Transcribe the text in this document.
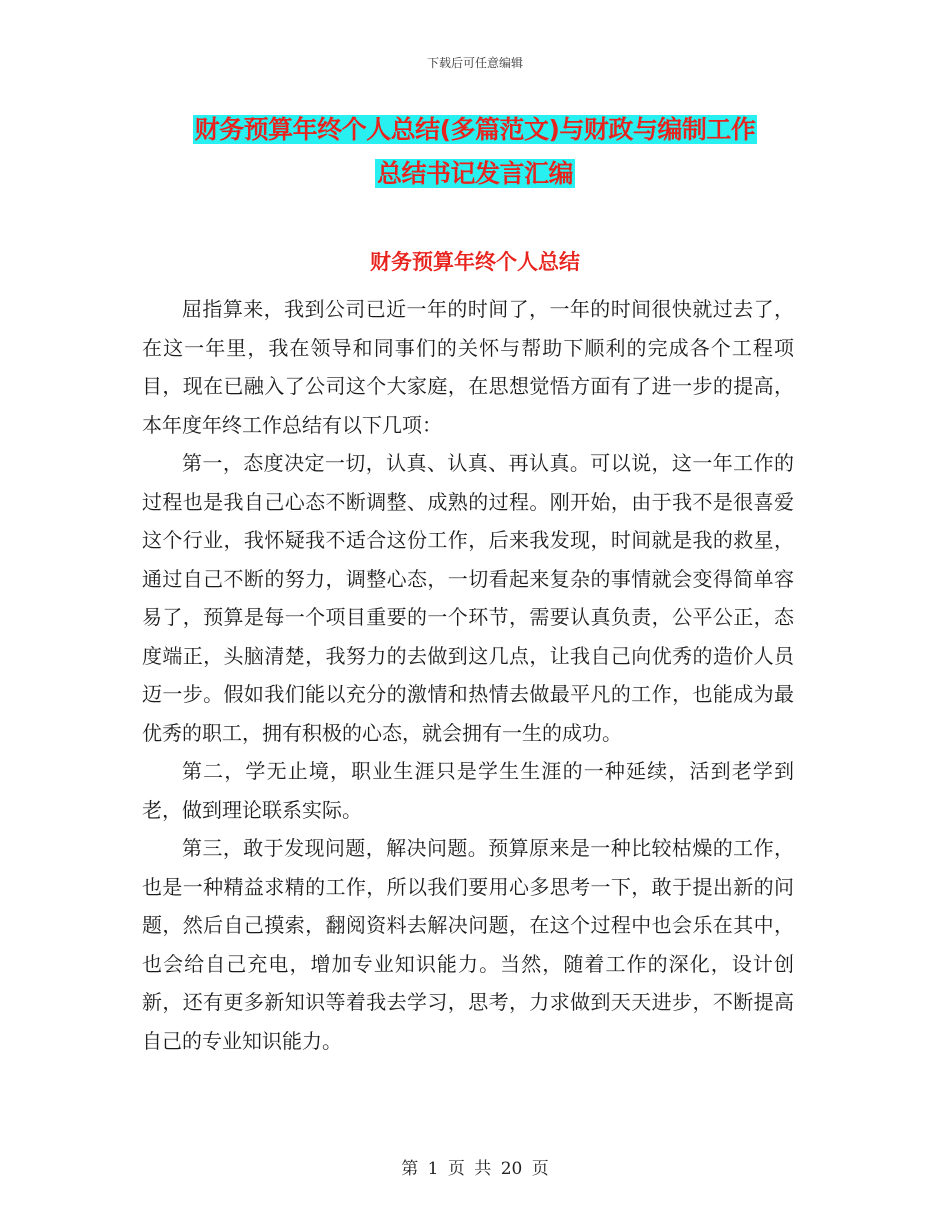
下载后可任意编辑
财务预算年终个人总结(多篇范文)与财政与编制工作
总结书记发言汇编
财务预算年终个人总结

屈指算来，我到公司已近一年的时间了，一年的时间很快就过去了，在这一年里，我在领导和同事们的关怀与帮助下顺利的完成各个工程项目，现在已融入了公司这个大家庭，在思想觉悟方面有了进一步的提高，本年度年终工作总结有以下几项：

第一，态度决定一切，认真、认真、再认真。可以说，这一年工作的过程也是我自己心态不断调整、成熟的过程。刚开始，由于我不是很喜爱这个行业，我怀疑我不适合这份工作，后来我发现，时间就是我的救星，通过自己不断的努力，调整心态，一切看起来复杂的事情就会变得简单容易了，预算是每一个项目重要的一个环节，需要认真负责，公平公正，态度端正，头脑清楚，我努力的去做到这几点，让我自己向优秀的造价人员迈一步。假如我们能以充分的激情和热情去做最平凡的工作，也能成为最优秀的职工，拥有积极的心态，就会拥有一生的成功。

第二，学无止境，职业生涯只是学生生涯的一种延续，活到老学到老，做到理论联系实际。

第三，敢于发现问题，解决问题。预算原来是一种比较枯燥的工作，也是一种精益求精的工作，所以我们要用心多思考一下，敢于提出新的问题，然后自己摸索，翻阅资料去解决问题，在这个过程中也会乐在其中，也会给自己充电，增加专业知识能力。当然，随着工作的深化，设计创新，还有更多新知识等着我去学习，思考，力求做到天天进步，不断提高自己的专业知识能力。

第 1 页 共 20 页
